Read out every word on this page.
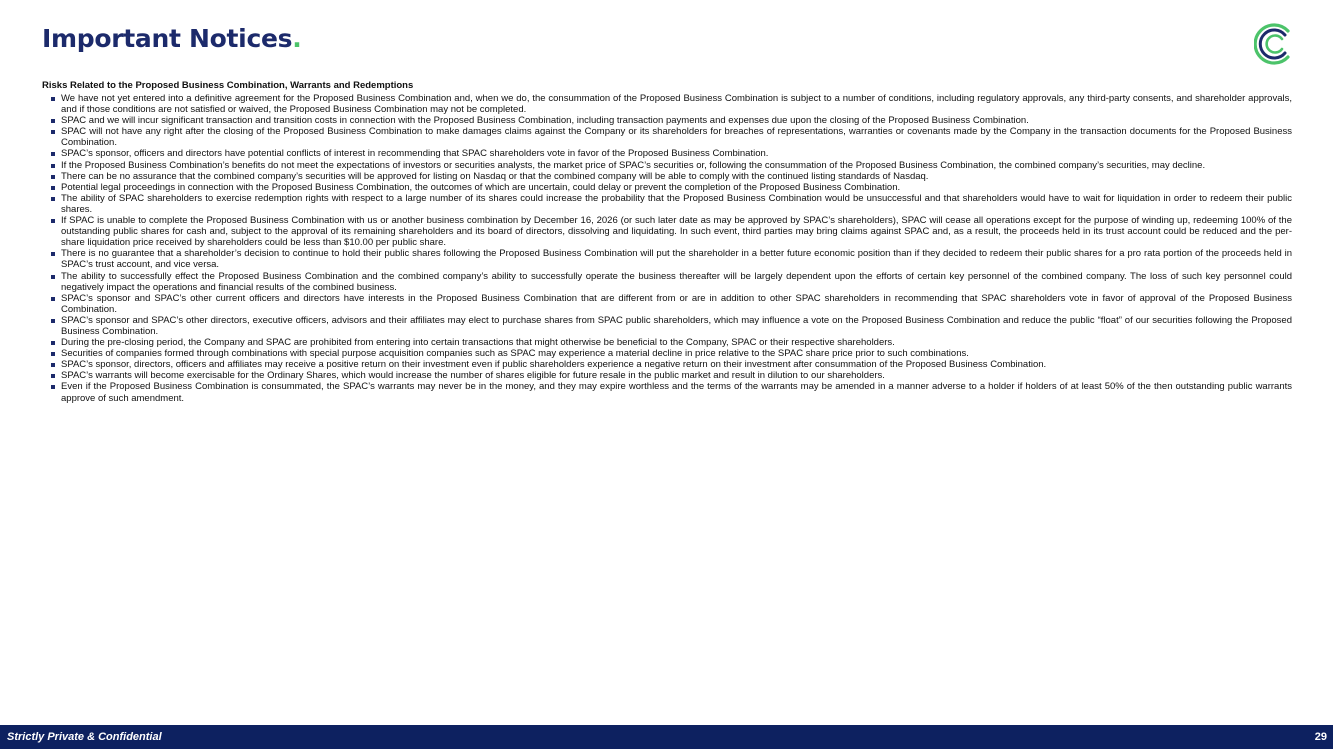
Important Notices.

Risks Related to the Proposed Business Combination, Warrants and Redemptions

We have not yet entered into a definitive agreement for the Proposed Business Combination and, when we do, the consummation of the Proposed Business Combination is subject to a number of conditions, including regulatory approvals, any third-party consents, and shareholder approvals, and if those conditions are not satisfied or waived, the Proposed Business Combination may not be completed.
SPAC and we will incur significant transaction and transition costs in connection with the Proposed Business Combination, including transaction payments and expenses due upon the closing of the Proposed Business Combination.
SPAC will not have any right after the closing of the Proposed Business Combination to make damages claims against the Company or its shareholders for breaches of representations, warranties or covenants made by the Company in the transaction documents for the Proposed Business Combination.
SPAC’s sponsor, officers and directors have potential conflicts of interest in recommending that SPAC shareholders vote in favor of the Proposed Business Combination.
If the Proposed Business Combination’s benefits do not meet the expectations of investors or securities analysts, the market price of SPAC’s securities or, following the consummation of the Proposed Business Combination, the combined company’s securities, may decline.
There can be no assurance that the combined company’s securities will be approved for listing on Nasdaq or that the combined company will be able to comply with the continued listing standards of Nasdaq.
Potential legal proceedings in connection with the Proposed Business Combination, the outcomes of which are uncertain, could delay or prevent the completion of the Proposed Business Combination.
The ability of SPAC shareholders to exercise redemption rights with respect to a large number of its shares could increase the probability that the Proposed Business Combination would be unsuccessful and that shareholders would have to wait for liquidation in order to redeem their public shares.
If SPAC is unable to complete the Proposed Business Combination with us or another business combination by December 16, 2026 (or such later date as may be approved by SPAC’s shareholders), SPAC will cease all operations except for the purpose of winding up, redeeming 100% of the outstanding public shares for cash and, subject to the approval of its remaining shareholders and its board of directors, dissolving and liquidating. In such event, third parties may bring claims against SPAC and, as a result, the proceeds held in its trust account could be reduced and the per-share liquidation price received by shareholders could be less than $10.00 per public share.
There is no guarantee that a shareholder’s decision to continue to hold their public shares following the Proposed Business Combination will put the shareholder in a better future economic position than if they decided to redeem their public shares for a pro rata portion of the proceeds held in SPAC’s trust account, and vice versa.
The ability to successfully effect the Proposed Business Combination and the combined company’s ability to successfully operate the business thereafter will be largely dependent upon the efforts of certain key personnel of the combined company. The loss of such key personnel could negatively impact the operations and financial results of the combined business.
SPAC’s sponsor and SPAC’s other current officers and directors have interests in the Proposed Business Combination that are different from or are in addition to other SPAC shareholders in recommending that SPAC shareholders vote in favor of approval of the Proposed Business Combination.
SPAC’s sponsor and SPAC’s other directors, executive officers, advisors and their affiliates may elect to purchase shares from SPAC public shareholders, which may influence a vote on the Proposed Business Combination and reduce the public “float” of our securities following the Proposed Business Combination.
During the pre-closing period, the Company and SPAC are prohibited from entering into certain transactions that might otherwise be beneficial to the Company, SPAC or their respective shareholders.
Securities of companies formed through combinations with special purpose acquisition companies such as SPAC may experience a material decline in price relative to the SPAC share price prior to such combinations.
SPAC’s sponsor, directors, officers and affiliates may receive a positive return on their investment even if public shareholders experience a negative return on their investment after consummation of the Proposed Business Combination.
SPAC’s warrants will become exercisable for the Ordinary Shares, which would increase the number of shares eligible for future resale in the public market and result in dilution to our shareholders.
Even if the Proposed Business Combination is consummated, the SPAC’s warrants may never be in the money, and they may expire worthless and the terms of the warrants may be amended in a manner adverse to a holder if holders of at least 50% of the then outstanding public warrants approve of such amendment.
Strictly Private & Confidential	29
